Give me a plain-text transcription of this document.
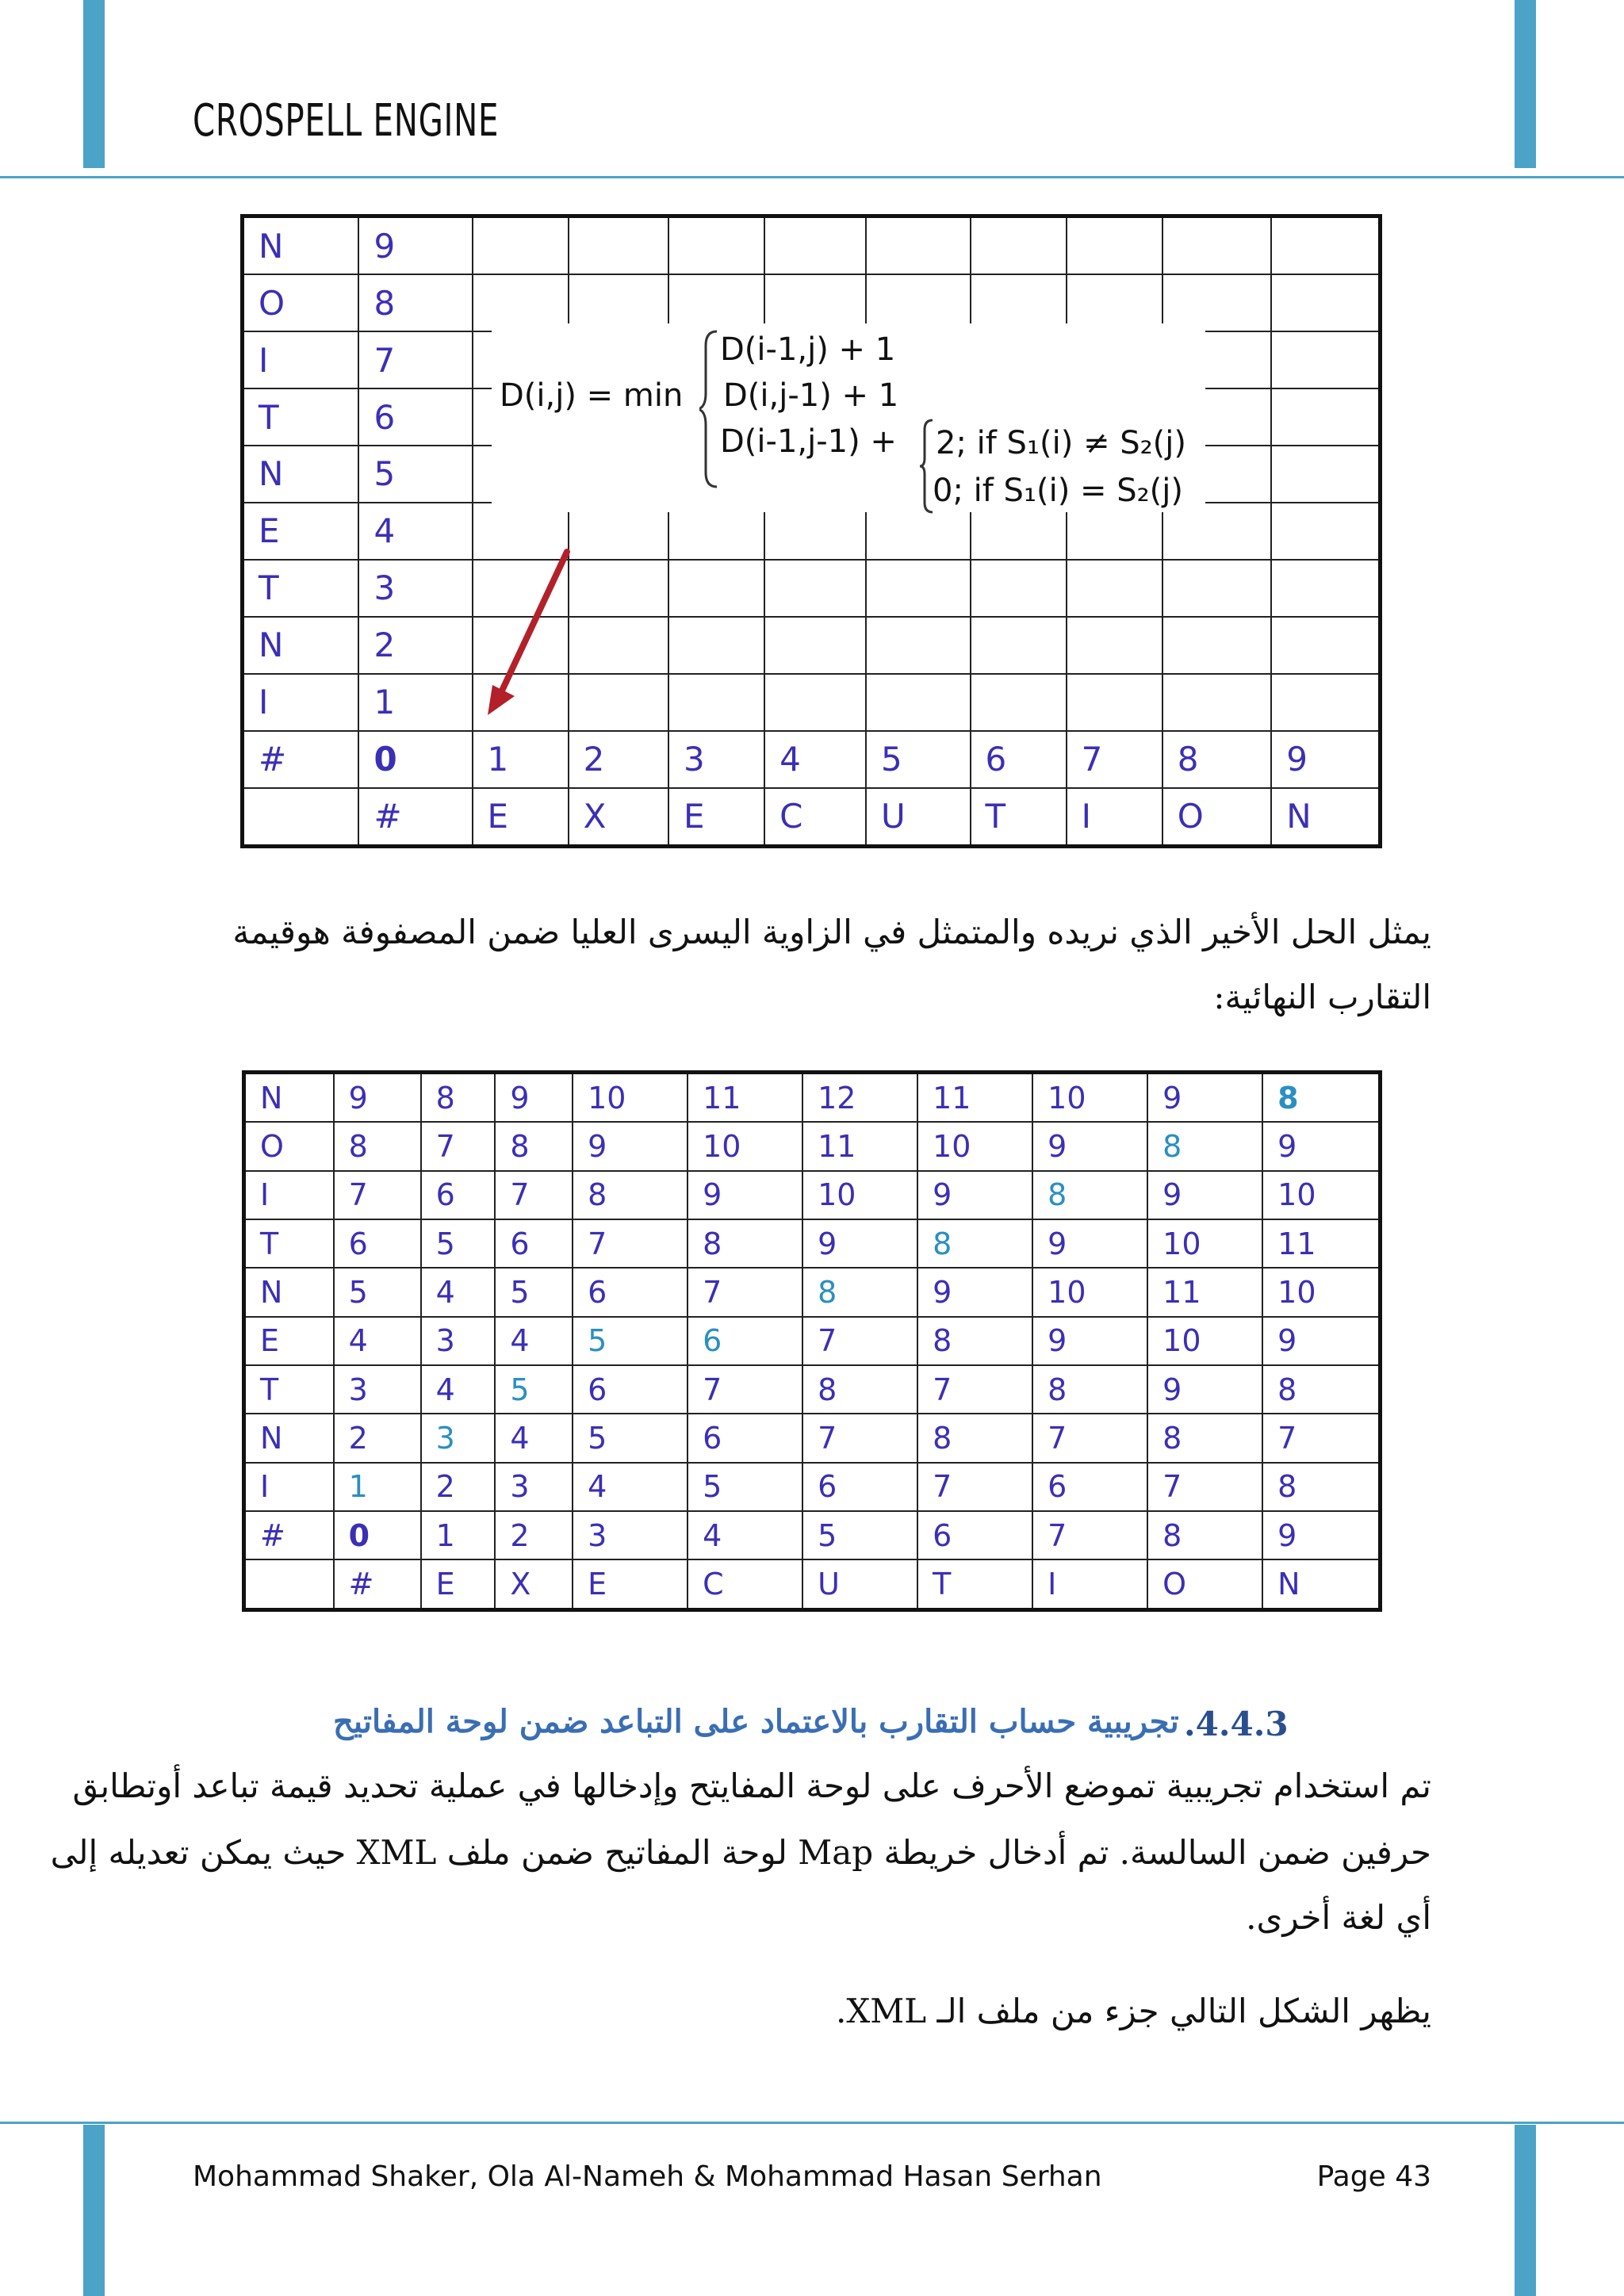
CROSPELL ENGINE
N	9									
O	8									
I	7									
T	6									
N	5									
E	4									
T	3									
N	2									
I	1									
#	0	1	2	3	4	5	6	7	8	9
	#	E	X	E	C	U	T	I	O	N
D(i,j) = min
D(i-1,j) + 1
D(i,j-1) + 1
D(i-1,j-1) + 2; if S₁(i) ≠ S₂(j)
0; if S₁(i) = S₂(j)
يمثل الحل الأخير الذي نريده والمتمثل في الزاوية اليسرى العليا ضمن المصفوفة هوقيمة التقارب النهائية:
N	9	8	9	10	11	12	11	10	9	8
O	8	7	8	9	10	11	10	9	8	9
I	7	6	7	8	9	10	9	8	9	10
T	6	5	6	7	8	9	8	9	10	11
N	5	4	5	6	7	8	9	10	11	10
E	4	3	4	5	6	7	8	9	10	9
T	3	4	5	6	7	8	7	8	9	8
N	2	3	4	5	6	7	8	7	8	7
I	1	2	3	4	5	6	7	6	7	8
#	0	1	2	3	4	5	6	7	8	9
	#	E	X	E	C	U	T	I	O	N
.4.4.3
تجريبية حساب التقارب بالاعتماد على التباعد ضمن لوحة المفاتيح
تم استخدام تجريبية تموضع الأحرف على لوحة المفايتح وإدخالها في عملية تحديد قيمة تباعد أوتطابق
حرفين ضمن السالسة. تم أدخال خريطة Map لوحة المفاتيح ضمن ملف XML حيث يمكن تعديله إلى
أي لغة أخرى.
يظهر الشكل التالي جزء من ملف الـ XML.
Mohammad Shaker, Ola Al-Nameh & Mohammad Hasan Serhan	Page 43
